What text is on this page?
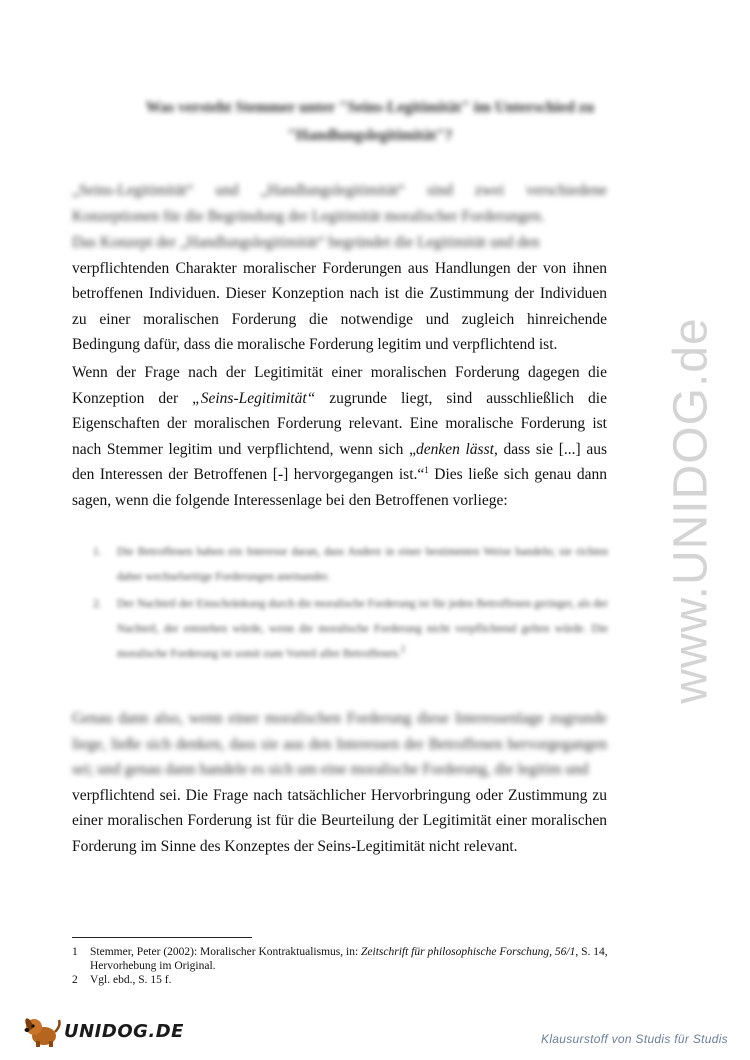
Was versteht Stemmer unter "Seins-Legitimität" im Unterschied zu
"Handlungslegitimität"?
„Seins-Legitimität“ und „Handlungslegitimität“ sind zwei verschiedene Konzeptionen für die Begründung der Legitimität moralischer Forderungen.
Das Konzept der „Handlungslegitimität“ begründet die Legitimität und den
verpflichtenden Charakter moralischer Forderungen aus Handlungen der von ihnen betroffenen Individuen. Dieser Konzeption nach ist die Zustimmung der Individuen zu einer moralischen Forderung die notwendige und zugleich hinreichende Bedingung dafür, dass die moralische Forderung legitim und verpflichtend ist.
Wenn der Frage nach der Legitimität einer moralischen Forderung dagegen die Konzeption der „Seins-Legitimität“ zugrunde liegt, sind ausschließlich die Eigenschaften der moralischen Forderung relevant. Eine moralische Forderung ist nach Stemmer legitim und verpflichtend, wenn sich „denken lässt, dass sie [...] aus den Interessen der Betroffenen [-] hervorgegangen ist.“$^1$ Dies ließe sich genau dann sagen, wenn die folgende Interessenlage bei den Betroffenen vorliege:
1.	Die Betroffenen haben ein Interesse daran, dass Andere in einer bestimmten Weise handeln; sie richten daher wechselseitige Forderungen aneinander.
2.	Der Nachteil der Einschränkung durch die moralische Forderung ist für jeden Betroffenen geringer, als der Nachteil, der entstehen würde, wenn die moralische Forderung nicht verpflichtend gelten würde. Die moralische Forderung ist somit zum Vorteil aller Betroffenen.$^2$
Genau dann also, wenn einer moralischen Forderung diese Interessenlage zugrunde liege, ließe sich denken, dass sie aus den Interessen der Betroffenen hervorgegangen sei; und genau dann handele es sich um eine moralische Forderung, die legitim und
verpflichtend sei. Die Frage nach tatsächlicher Hervorbringung oder Zustimmung zu einer moralischen Forderung ist für die Beurteilung der Legitimität einer moralischen Forderung im Sinne des Konzeptes der Seins-Legitimität nicht relevant.
1	Stemmer, Peter (2002): Moralischer Kontraktualismus, in: Zeitschrift für philosophische Forschung, 56/1, S. 14, Hervorhebung im Original.
2	Vgl. ebd., S. 15 f.
www.UNIDOG.de
UNIDOG.DE	Klausurstoff von Studis für Studis
